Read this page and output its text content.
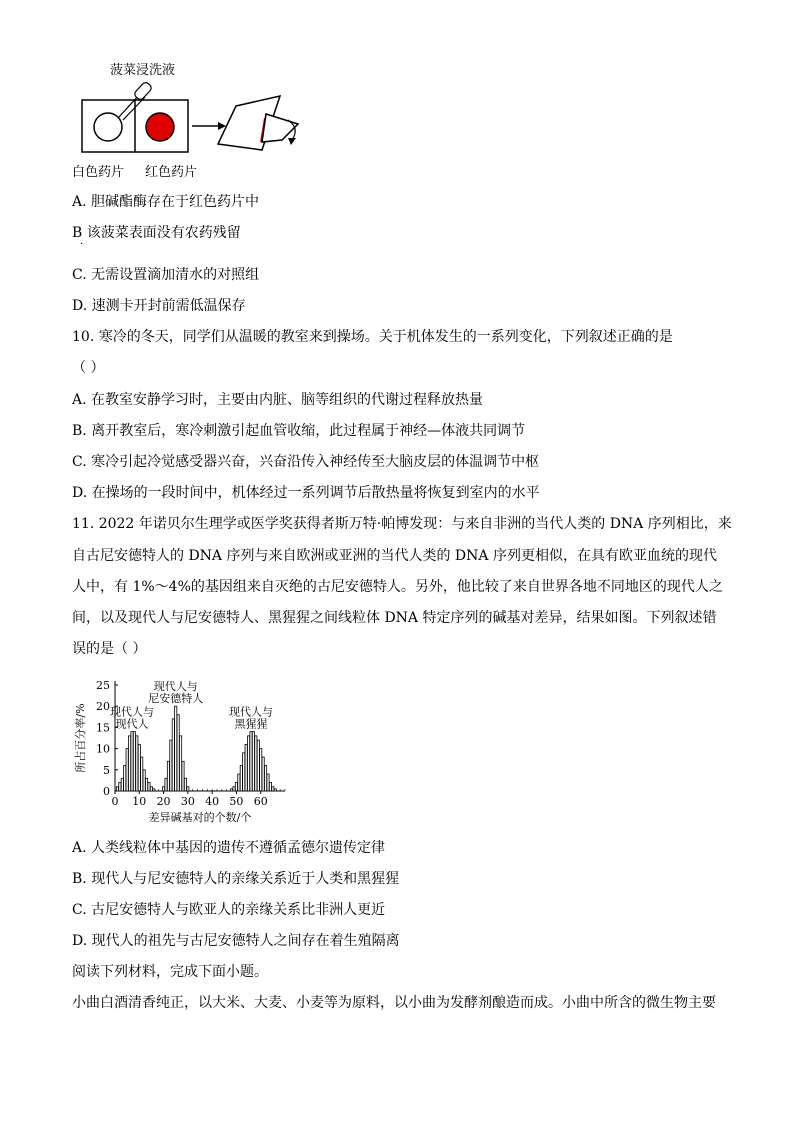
菠菜浸洗液
白色药片 红色药片
A. 胆碱酯酶存在于红色药片中
B 该菠菜表面没有农药残留
·
C. 无需设置滴加清水的对照组
D. 速测卡开封前需低温保存
10. 寒冷的冬天，同学们从温暖的教室来到操场。关于机体发生的一系列变化，下列叙述正确的是
（ ）
A. 在教室安静学习时，主要由内脏、脑等组织的代谢过程释放热量
B. 离开教室后，寒冷刺激引起血管收缩，此过程属于神经—体液共同调节
C. 寒冷引起冷觉感受器兴奋，兴奋沿传入神经传至大脑皮层的体温调节中枢
D. 在操场的一段时间中，机体经过一系列调节后散热量将恢复到室内的水平
11. 2022 年诺贝尔生理学或医学奖获得者斯万特·帕博发现：与来自非洲的当代人类的 DNA 序列相比，来
自古尼安德特人的 DNA 序列与来自欧洲或亚洲的当代人类的 DNA 序列更相似，在具有欧亚血统的现代
人中，有 1%～4%的基因组来自灭绝的古尼安德特人。另外，他比较了来自世界各地不同地区的现代人之
间，以及现代人与尼安德特人、黑猩猩之间线粒体 DNA 特定序列的碱基对差异，结果如图。下列叙述错
误的是（ ）
0
5
10
15
20
25
0 10 20 30 40 50 60
现代人与
现代人
现代人与
尼安德特人
现代人与
黑猩猩
所占百分率/%
差异碱基对的个数/个
A. 人类线粒体中基因的遗传不遵循孟德尔遗传定律
B. 现代人与尼安德特人的亲缘关系近于人类和黑猩猩
C. 古尼安德特人与欧亚人的亲缘关系比非洲人更近
D. 现代人的祖先与古尼安德特人之间存在着生殖隔离
阅读下列材料，完成下面小题。
小曲白酒清香纯正，以大米、大麦、小麦等为原料，以小曲为发酵剂酿造而成。小曲中所含的微生物主要
